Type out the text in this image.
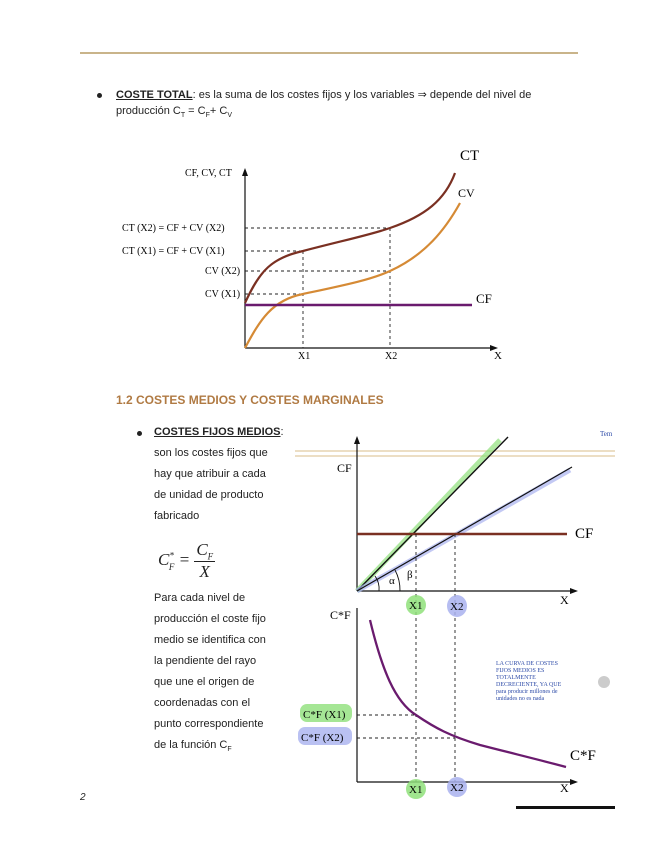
COSTE TOTAL: es la suma de los costes fijos y los variables ⇒ depende del nivel de
producción $C_T = C_F+ C_V$
CF, CV, CT
CT (X2) = CF + CV (X2)
CT (X1) = CF + CV (X1)
CV (X2)
CV (X1)
X1	X2	X
CT
CV
CF
1.2 COSTES MEDIOS Y COSTES MARGINALES
COSTES FIJOS MEDIOS:
son los costes fijos que
hay que atribuir a cada
de unidad de producto
fabricado
$C^*_F = \frac{C_F}{X}$
Para cada nivel de
producción el coste fijo
medio se identifica con
la pendiente del rayo
que une el origen de
coordenadas con el
punto correspondiente
de la función $C_F$
Tem
CF
CF
α β
X1	X2	X
C*F
C*F
C*F (X1)
C*F (X2)
X1	X2	X
LA CURVA DE COSTES
FIJOS MEDIOS ES
TOTALMENTE
DECRECIENTE, YA QUE
para producir millones de
unidades no es nada
2
